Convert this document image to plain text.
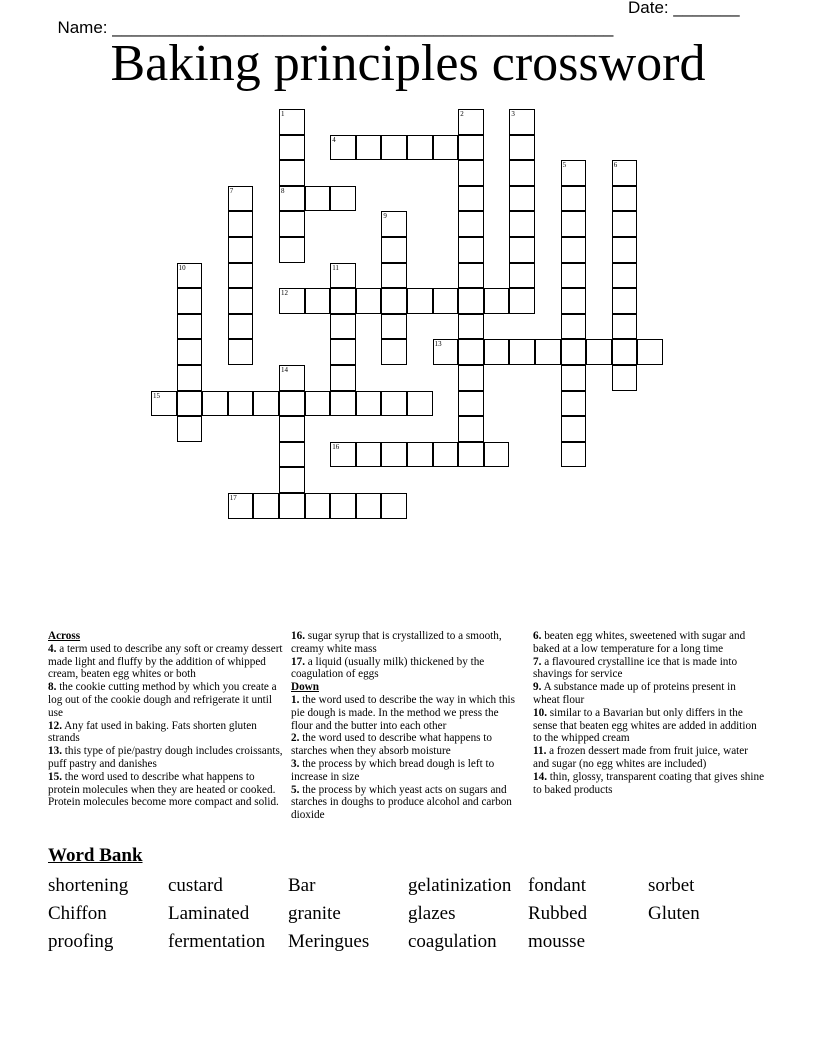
Name: _____________________________________________________

Date: _______

Baking principles crossword
1
8
2	3
4
5	6
7
9
10	11
12
13
14
15
16
17

Across

4. a term used to describe any soft or creamy dessert made light and fluffy by the addition of whipped cream, beaten egg whites or both

8. the cookie cutting method by which you create a log out of the cookie dough and refrigerate it until use

12. Any fat used in baking. Fats shorten gluten strands

13. this type of pie/pastry dough includes croissants, puff pastry and danishes

15. the word used to describe what happens to protein molecules when they are heated or cooked. Protein molecules become more compact and solid.

16. sugar syrup that is crystallized to a smooth, creamy white mass

17. a liquid (usually milk) thickened by the coagulation of eggs

Down

1. the word used to describe the way in which this pie dough is made. In the method we press the flour and the butter into each other

2. the word used to describe what happens to starches when they absorb moisture

3. the process by which bread dough is left to increase in size

5. the process by which yeast acts on sugars and starches in doughs to produce alcohol and carbon dioxide

6. beaten egg whites, sweetened with sugar and baked at a low temperature for a long time

7. a flavoured crystalline ice that is made into shavings for service

9. A substance made up of proteins present in wheat flour

10. similar to a Bavarian but only differs in the sense that beaten egg whites are added in addition to the whipped cream

11. a frozen dessert made from fruit juice, water and sugar (no egg whites are included)

14. thin, glossy, transparent coating that gives shine to baked products

Word Bank
shortening custard	Bar	gelatinization fondant	sorbet
Chiffon	Laminated granite	glazes	Rubbed	Gluten
proofing	fermentation Meringues coagulation mousse
